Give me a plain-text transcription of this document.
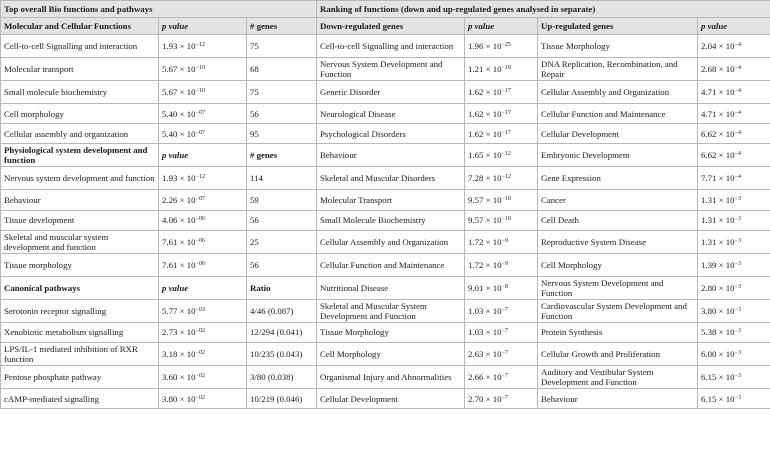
Top overall Bio functions and pathways			Ranking of functions (down and up-regulated genes analysed in separate)			
Molecular and Cellular Functions	p value	# genes	Down-regulated genes	p value	Up-regulated genes	p value
Cell-to-cell Signalling and interaction	$1.93 \times 10^{-12}$	75	Cell-to-cell Signalling and interaction	$1.96 \times 10^{-25}$	Tissue Morphology	$2.04 \times 10^{-4}$
Molecular transport	$5.67 \times 10^{-10}$	68	Nervous System Development and Function	$1.21 \times 10^{-18}$	DNA Replication, Recombination, and Repair	$2.68 \times 10^{-4}$
Small molecule biochemistry	$5.67 \times 10^{-10}$	75	Genetic Disorder	$1.62 \times 10^{-17}$	Cellular Assembly and Organization	$4.71 \times 10^{-4}$
Cell morphology	$5.40 \times 10^{-07}$	56	Neurological Disease	$1.62 \times 10^{-17}$	Cellular Function and Maintenance	$4.71 \times 10^{-4}$
Cellular assembly and organization	$5.40 \times 10^{-07}$	95	Psychological Disorders	$1.62 \times 10^{-17}$	Cellular Development	$6.62 \times 10^{-4}$
Physiological system development and function	p value	# genes	Behaviour	$1.65 \times 10^{-12}$	Embryonic Development	$6.62 \times 10^{-4}$
Nervous system development and function	$1.93 \times 10^{-12}$	114	Skeletal and Muscular Disorders	$7.28 \times 10^{-12}$	Gene Expression	$7.71 \times 10^{-4}$
Behaviour	$2.26 \times 10^{-07}$	59	Molecular Transport	$9.57 \times 10^{-10}$	Cancer	$1.31 \times 10^{-3}$
Tissue development	$4.06 \times 10^{-06}$	56	Small Molecule Biochemistry	$9.57 \times 10^{-10}$	Cell Death	$1.31 \times 10^{-3}$
Skeletal and muscular system development and function	$7.61 \times 10^{-06}$	25	Cellular Assembly and Organization	$1.72 \times 10^{-9}$	Reproductive System Disease	$1.31 \times 10^{-3}$
Tissue morphology	$7.61 \times 10^{-06}$	56	Cellular Function and Maintenance	$1.72 \times 10^{-9}$	Cell Morphology	$1.39 \times 10^{-3}$
Canonical pathways	p value	Ratio	Nutritional Disease	$9.01 \times 10^{-8}$	Nervous System Development and Function	$2.80 \times 10^{-3}$
Serotonin receptor signalling	$5.77 \times 10^{-03}$	4/46 (0.087)	Skeletal and Muscular System Development and Function	$1.03 \times 10^{-7}$	Cardiovascular System Development and Function	$3.80 \times 10^{-3}$
Xenobiotic metabolism signalling	$2.73 \times 10^{-02}$	12/294 (0.041)	Tissue Morphology	$1.03 \times 10^{-7}$	Protein Synthesis	$5.38 \times 10^{-3}$
LPS/IL-1 mediated inhibition of RXR function	$3.18 \times 10^{-02}$	10/235 (0.043)	Cell Morphology	$2.63 \times 10^{-7}$	Cellular Growth and Proliferation	$6.00 \times 10^{-3}$
Pentose phosphate pathway	$3.60 \times 10^{-02}$	3/80 (0.038)	Organismal Injury and Abnormalities	$2.66 \times 10^{-7}$	Auditory and Vestibular System Development and Function	$6.15 \times 10^{-3}$
cAMP-mediated signalling	$3.80 \times 10^{-02}$	10/219 (0.046)	Cellular Development	$2.70 \times 10^{-7}$	Behaviour	$6.15 \times 10^{-3}$
